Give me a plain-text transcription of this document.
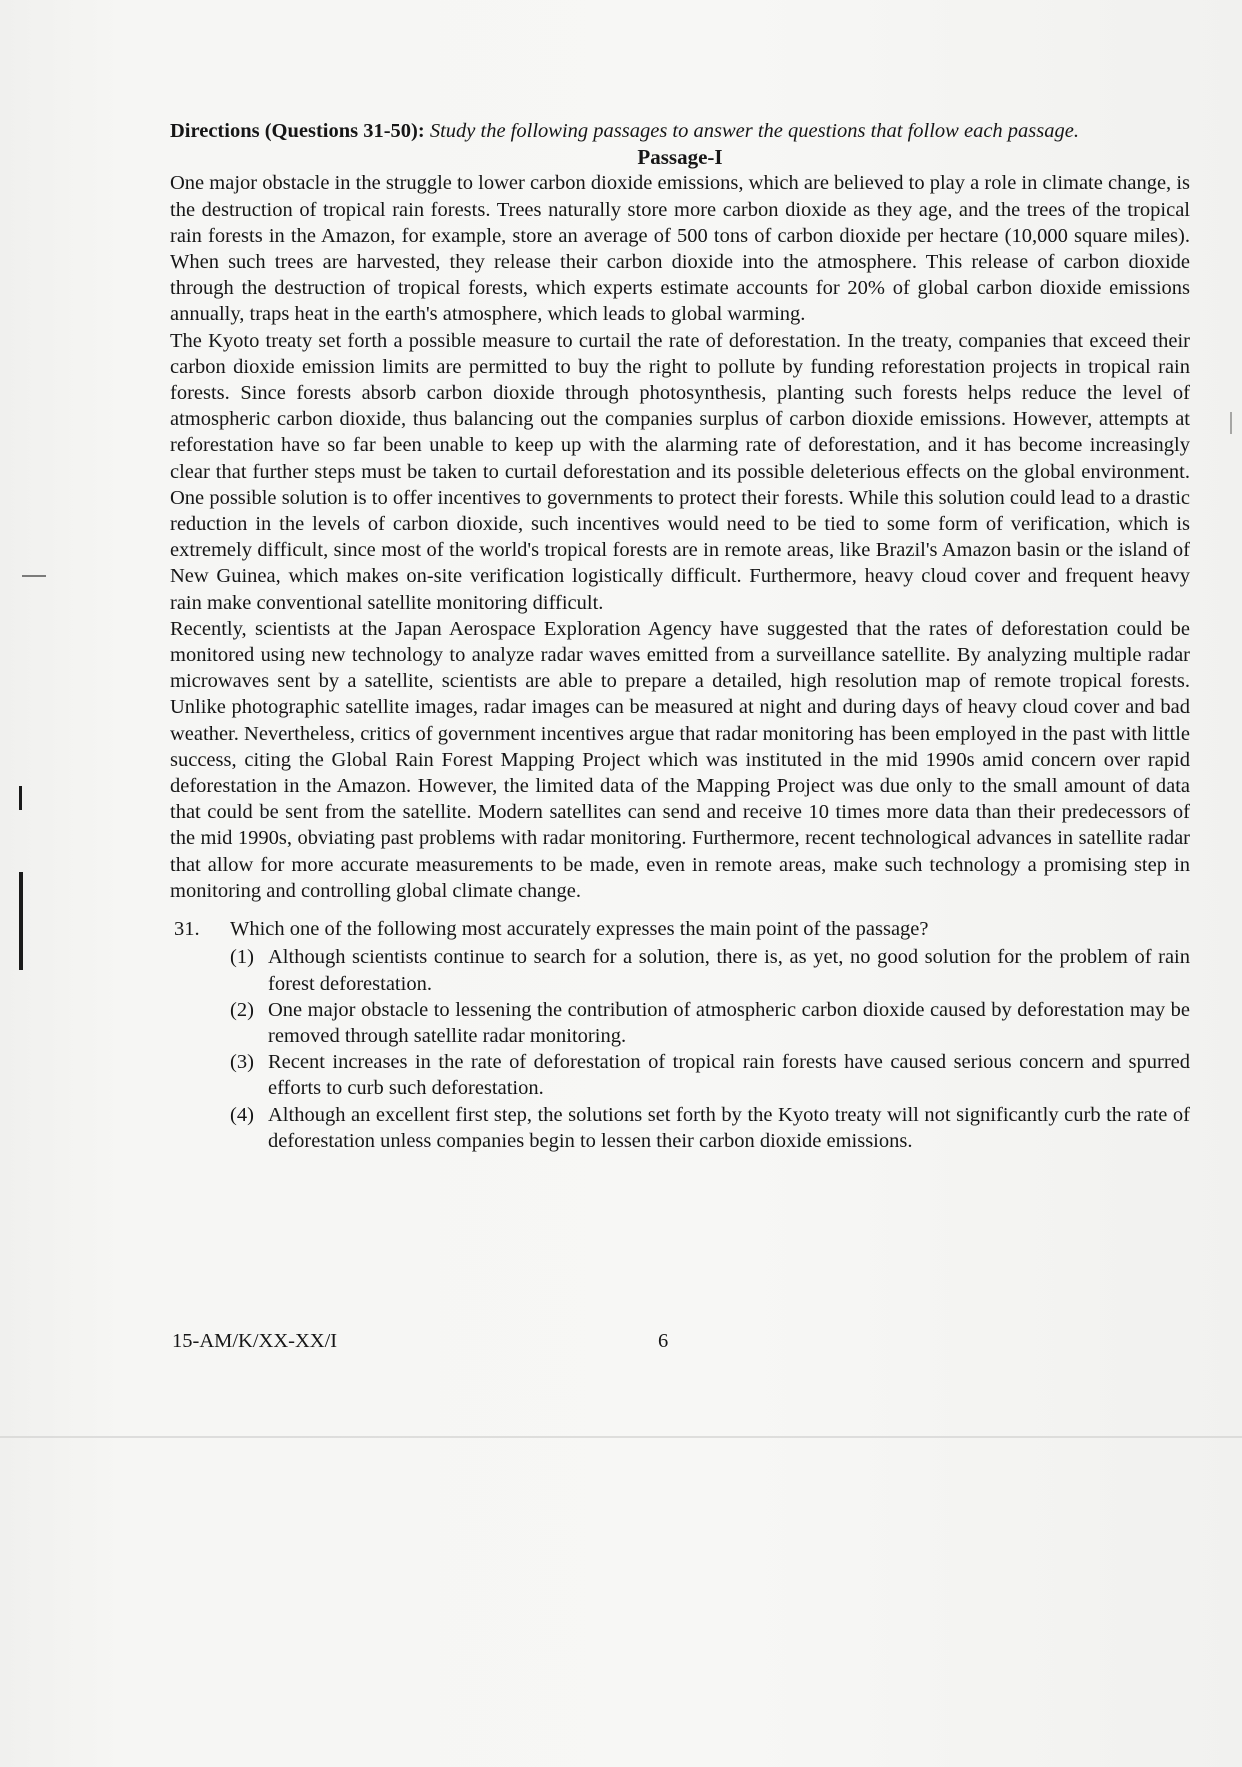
Directions (Questions 31-50): Study the following passages to answer the questions that follow each passage.

Passage-I

One major obstacle in the struggle to lower carbon dioxide emissions, which are believed to play a role in climate change, is the destruction of tropical rain forests. Trees naturally store more carbon dioxide as they age, and the trees of the tropical rain forests in the Amazon, for example, store an average of 500 tons of carbon dioxide per hectare (10,000 square miles). When such trees are harvested, they release their carbon dioxide into the atmosphere. This release of carbon dioxide through the destruction of tropical forests, which experts estimate accounts for 20% of global carbon dioxide emissions annually, traps heat in the earth's atmosphere, which leads to global warming.

The Kyoto treaty set forth a possible measure to curtail the rate of deforestation. In the treaty, companies that exceed their carbon dioxide emission limits are permitted to buy the right to pollute by funding reforestation projects in tropical rain forests. Since forests absorb carbon dioxide through photosynthesis, planting such forests helps reduce the level of atmospheric carbon dioxide, thus balancing out the companies surplus of carbon dioxide emissions. However, attempts at reforestation have so far been unable to keep up with the alarming rate of deforestation, and it has become increasingly clear that further steps must be taken to curtail deforestation and its possible deleterious effects on the global environment. One possible solution is to offer incentives to governments to protect their forests. While this solution could lead to a drastic reduction in the levels of carbon dioxide, such incentives would need to be tied to some form of verification, which is extremely difficult, since most of the world's tropical forests are in remote areas, like Brazil's Amazon basin or the island of New Guinea, which makes on-site verification logistically difficult. Furthermore, heavy cloud cover and frequent heavy rain make conventional satellite monitoring difficult.

Recently, scientists at the Japan Aerospace Exploration Agency have suggested that the rates of deforestation could be monitored using new technology to analyze radar waves emitted from a surveillance satellite. By analyzing multiple radar microwaves sent by a satellite, scientists are able to prepare a detailed, high resolution map of remote tropical forests. Unlike photographic satellite images, radar images can be measured at night and during days of heavy cloud cover and bad weather. Nevertheless, critics of government incentives argue that radar monitoring has been employed in the past with little success, citing the Global Rain Forest Mapping Project which was instituted in the mid 1990s amid concern over rapid deforestation in the Amazon. However, the limited data of the Mapping Project was due only to the small amount of data that could be sent from the satellite. Modern satellites can send and receive 10 times more data than their predecessors of the mid 1990s, obviating past problems with radar monitoring. Furthermore, recent technological advances in satellite radar that allow for more accurate measurements to be made, even in remote areas, make such technology a promising step in monitoring and controlling global climate change.

31. Which one of the following most accurately expresses the main point of the passage?

(1) Although scientists continue to search for a solution, there is, as yet, no good solution for the problem of rain forest deforestation.
(2) One major obstacle to lessening the contribution of atmospheric carbon dioxide caused by deforestation may be removed through satellite radar monitoring.
(3) Recent increases in the rate of deforestation of tropical rain forests have caused serious concern and spurred efforts to curb such deforestation.
(4) Although an excellent first step, the solutions set forth by the Kyoto treaty will not significantly curb the rate of deforestation unless companies begin to lessen their carbon dioxide emissions.
15-AM/K/XX-XX/I	6
